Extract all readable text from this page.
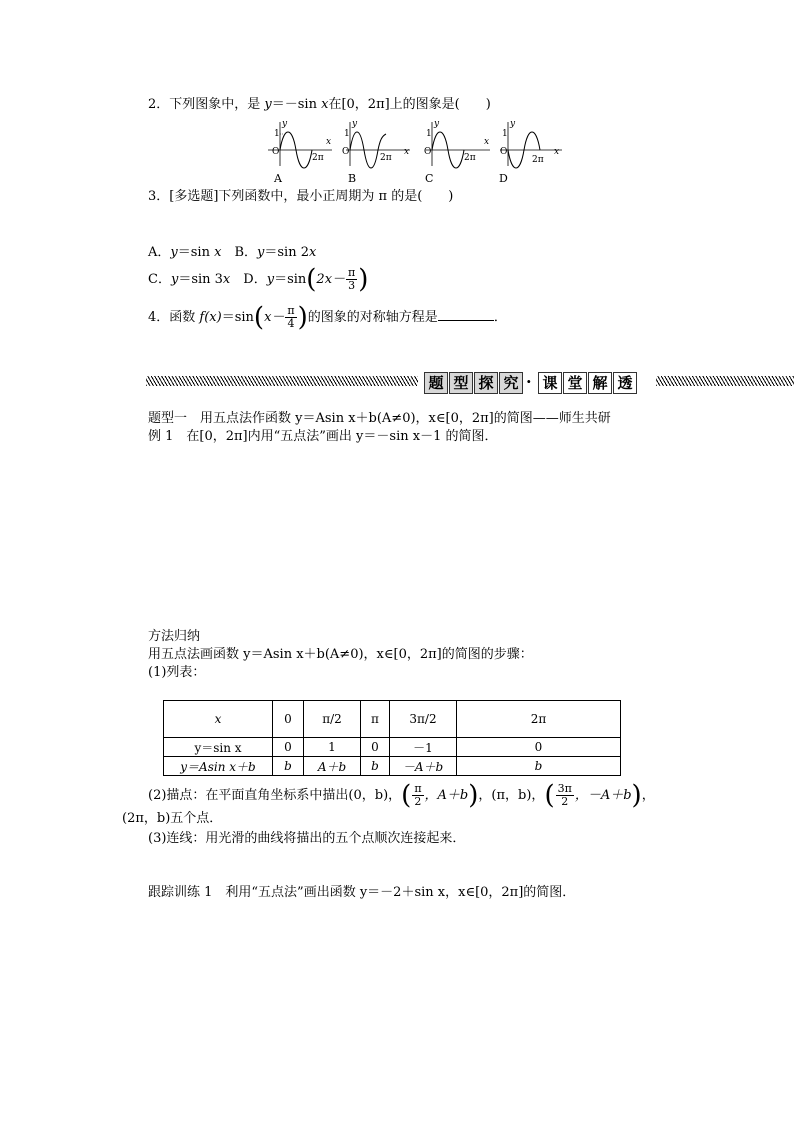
2．下列图象中，是 y＝－sin x在[0，2π]上的图象是(　　)
1
O
y
x
2π
1
O
y
x
2π
1
O
y
x
2π
1
O
y
x
2π
A	B	C	D
3．[多选题]下列函数中，最小正周期为 π 的是(　　)
A．y＝sin x　B．y＝sin 2x
C．y＝sin 3x　D．$y=\sin(2x- \frac{\pi}{3}$ )
4．函数 $f(x)=\sin(x- \frac{\pi}{4}$ )的图象的对称轴方程是	．
题 型 探 究 · 课 堂 解 透
题型一　用五点法作函数 y＝Asin x＋b(A≠0)，x∈[0，2π]的简图——师生共研
例 1　在[0，2π]内用“五点法”画出 y＝－sin x－1 的简图．
方法归纳
用五点法画函数 y＝Asin x＋b(A≠0)，x∈[0，2π]的简图的步骤：
(1)列表：
x	0	π/2	π	3π/2	2π
y＝sin x	0	1	0	－1	0
y＝Asin x＋b	b	A＋b	b	－A＋b	b
(2)描点：在平面直角坐标系中描出(0，b)，( $\frac{\pi}{2}$ ，A＋b)，(π，b)，( $\frac{3\pi}{2}$ ，－A＋b)，
(2π，b)五个点．
(3)连线：用光滑的曲线将描出的五个点顺次连接起来．
跟踪训练 1　利用“五点法”画出函数 y＝－2＋sin x，x∈[0，2π]的简图．
